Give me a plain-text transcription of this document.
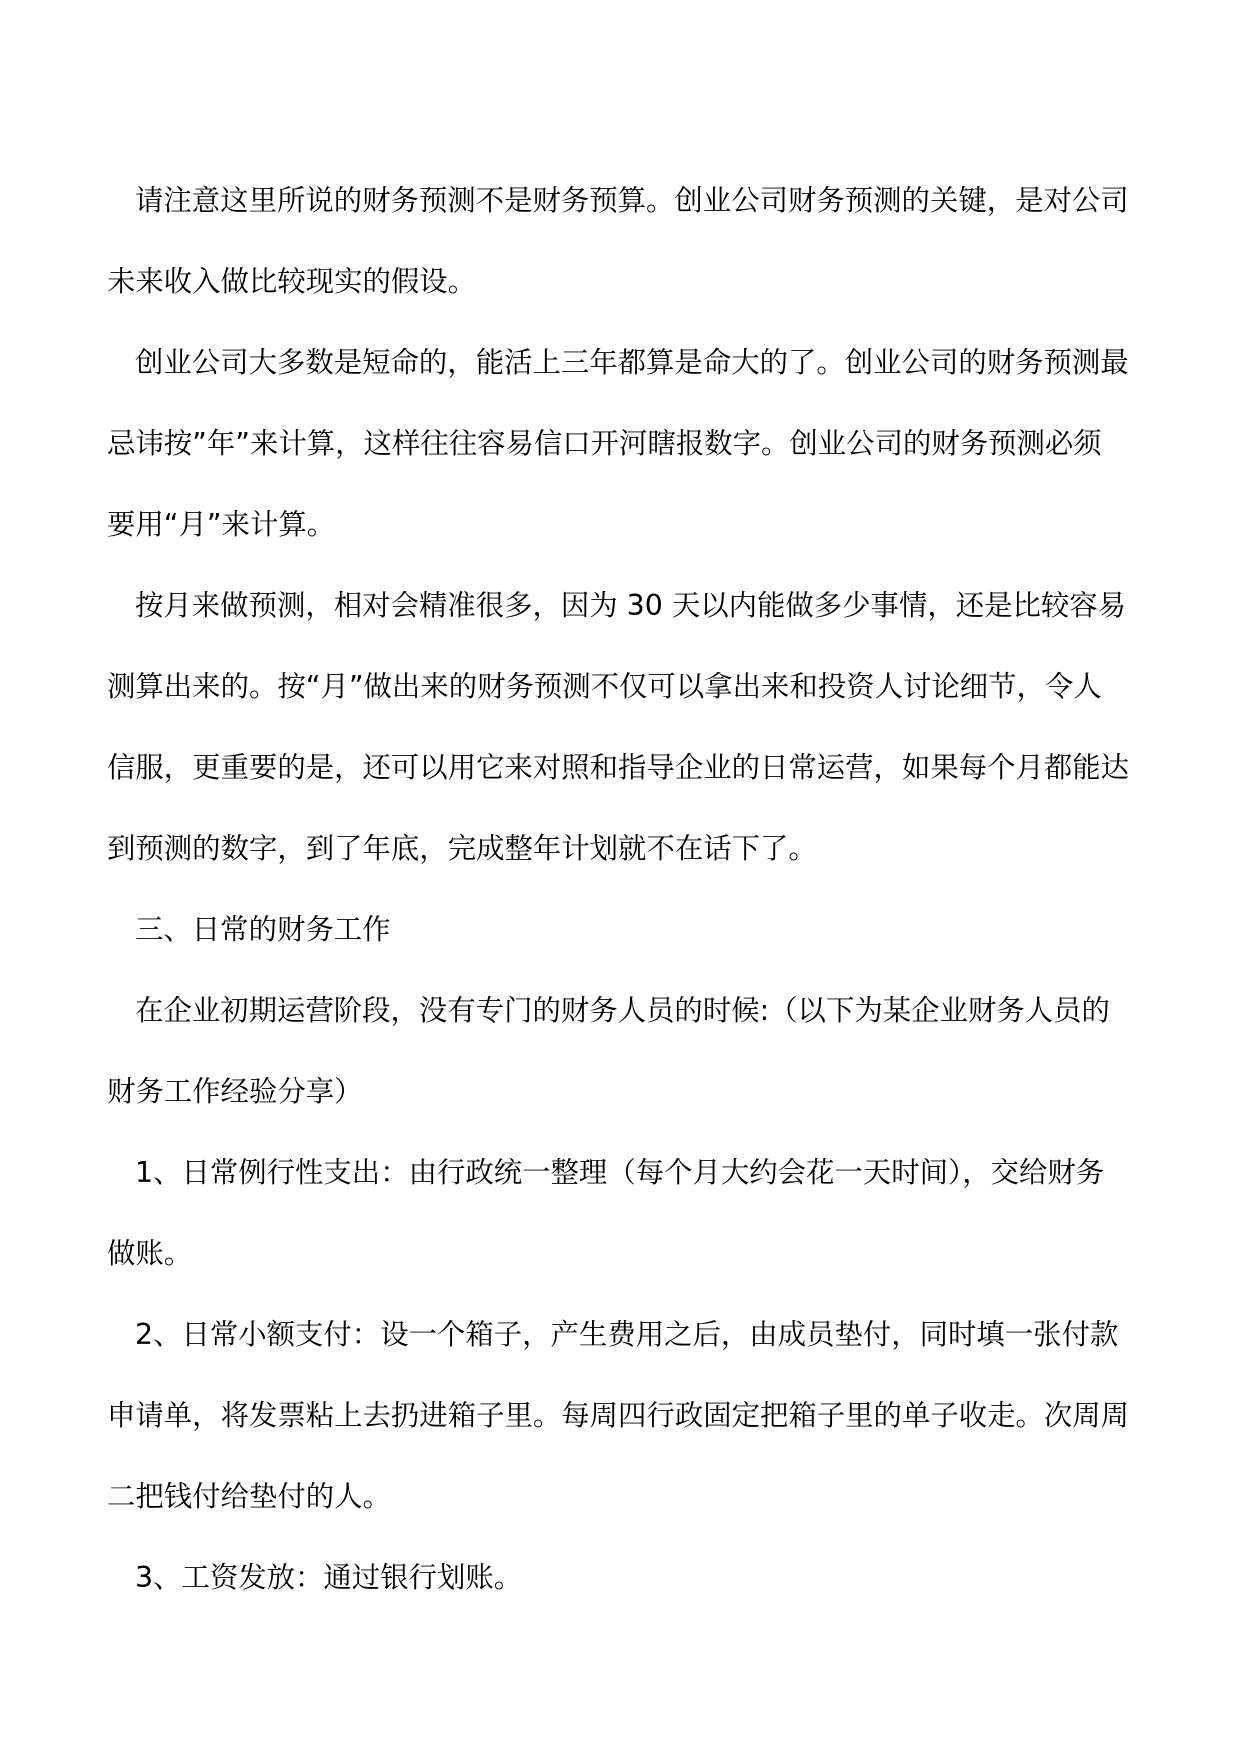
请注意这里所说的财务预测不是财务预算。创业公司财务预测的关键，是对公司未来收入做比较现实的假设。

创业公司大多数是短命的，能活上三年都算是命大的了。创业公司的财务预测最忌讳按”年”来计算，这样往往容易信口开河瞎报数字。创业公司的财务预测必须要用“月”来计算。

按月来做预测，相对会精准很多，因为 30 天以内能做多少事情，还是比较容易测算出来的。按“月”做出来的财务预测不仅可以拿出来和投资人讨论细节，令人信服，更重要的是，还可以用它来对照和指导企业的日常运营，如果每个月都能达到预测的数字，到了年底，完成整年计划就不在话下了。

三、日常的财务工作

在企业初期运营阶段，没有专门的财务人员的时候:（以下为某企业财务人员的财务工作经验分享）

1、日常例行性支出：由行政统一整理（每个月大约会花一天时间），交给财务做账。

2、日常小额支付：设一个箱子，产生费用之后，由成员垫付，同时填一张付款申请单，将发票粘上去扔进箱子里。每周四行政固定把箱子里的单子收走。次周周二把钱付给垫付的人。

3、工资发放：通过银行划账。
